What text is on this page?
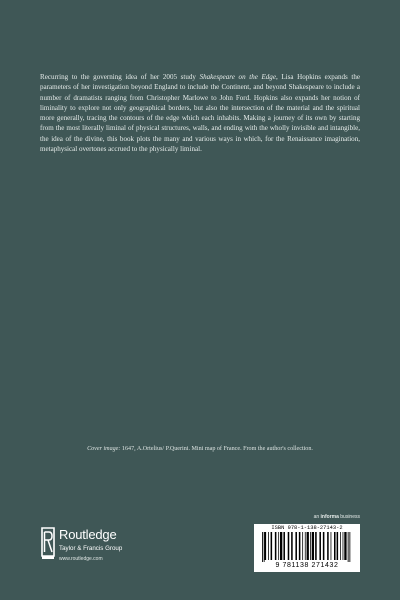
Recurring to the governing idea of her 2005 study Shakespeare on the Edge, Lisa Hopkins expands the parameters of her investigation beyond England to include the Continent, and beyond Shakespeare to include a number of dramatists ranging from Christopher Marlowe to John Ford. Hopkins also expands her notion of liminality to explore not only geographical borders, but also the intersection of the material and the spiritual more generally, tracing the contours of the edge which each inhabits. Making a journey of its own by starting from the most literally liminal of physical structures, walls, and ending with the wholly invisible and intangible, the idea of the divine, this book plots the many and various ways in which, for the Renaissance imagination, metaphysical overtones accrued to the physically liminal.

Cover image: 1647, A.Ortelius/ P.Querini. Mini map of France. From the author's collection.

an informa business
Routledge
Taylor & Francis Group
www.routledge.com
ISBN 978-1-138-27143-2
9 781138 271432
